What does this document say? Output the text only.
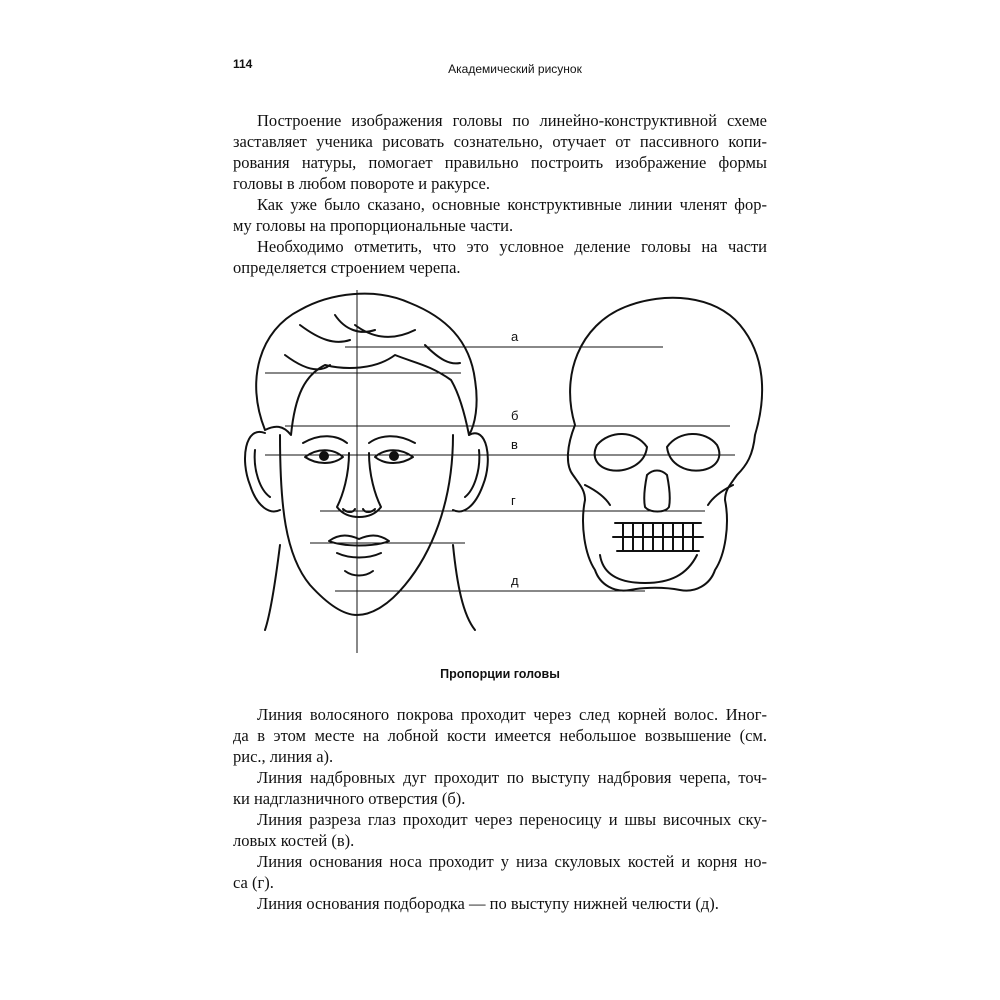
114	Академический рисунок
Построение изображения головы по линейно-конструктивной схеме
заставляет ученика рисовать сознательно, отучает от пассивного копи-
рования натуры, помогает правильно построить изображение формы
головы в любом повороте и ракурсе.
Как уже было сказано, основные конструктивные линии членят фор-
му головы на пропорциональные части.
Необходимо отметить, что это условное деление головы на части
определяется строением черепа.
а
б
в
г
д
Пропорции головы
Линия волосяного покрова проходит через след корней волос. Иног-
да в этом месте на лобной кости имеется небольшое возвышение (см.
рис., линия а).
Линия надбровных дуг проходит по выступу надбровия черепа, точ-
ки надглазничного отверстия (б).
Линия разреза глаз проходит через переносицу и швы височных ску-
ловых костей (в).
Линия основания носа проходит у низа скуловых костей и корня но-
са (г).
Линия основания подбородка — по выступу нижней челюсти (д).
